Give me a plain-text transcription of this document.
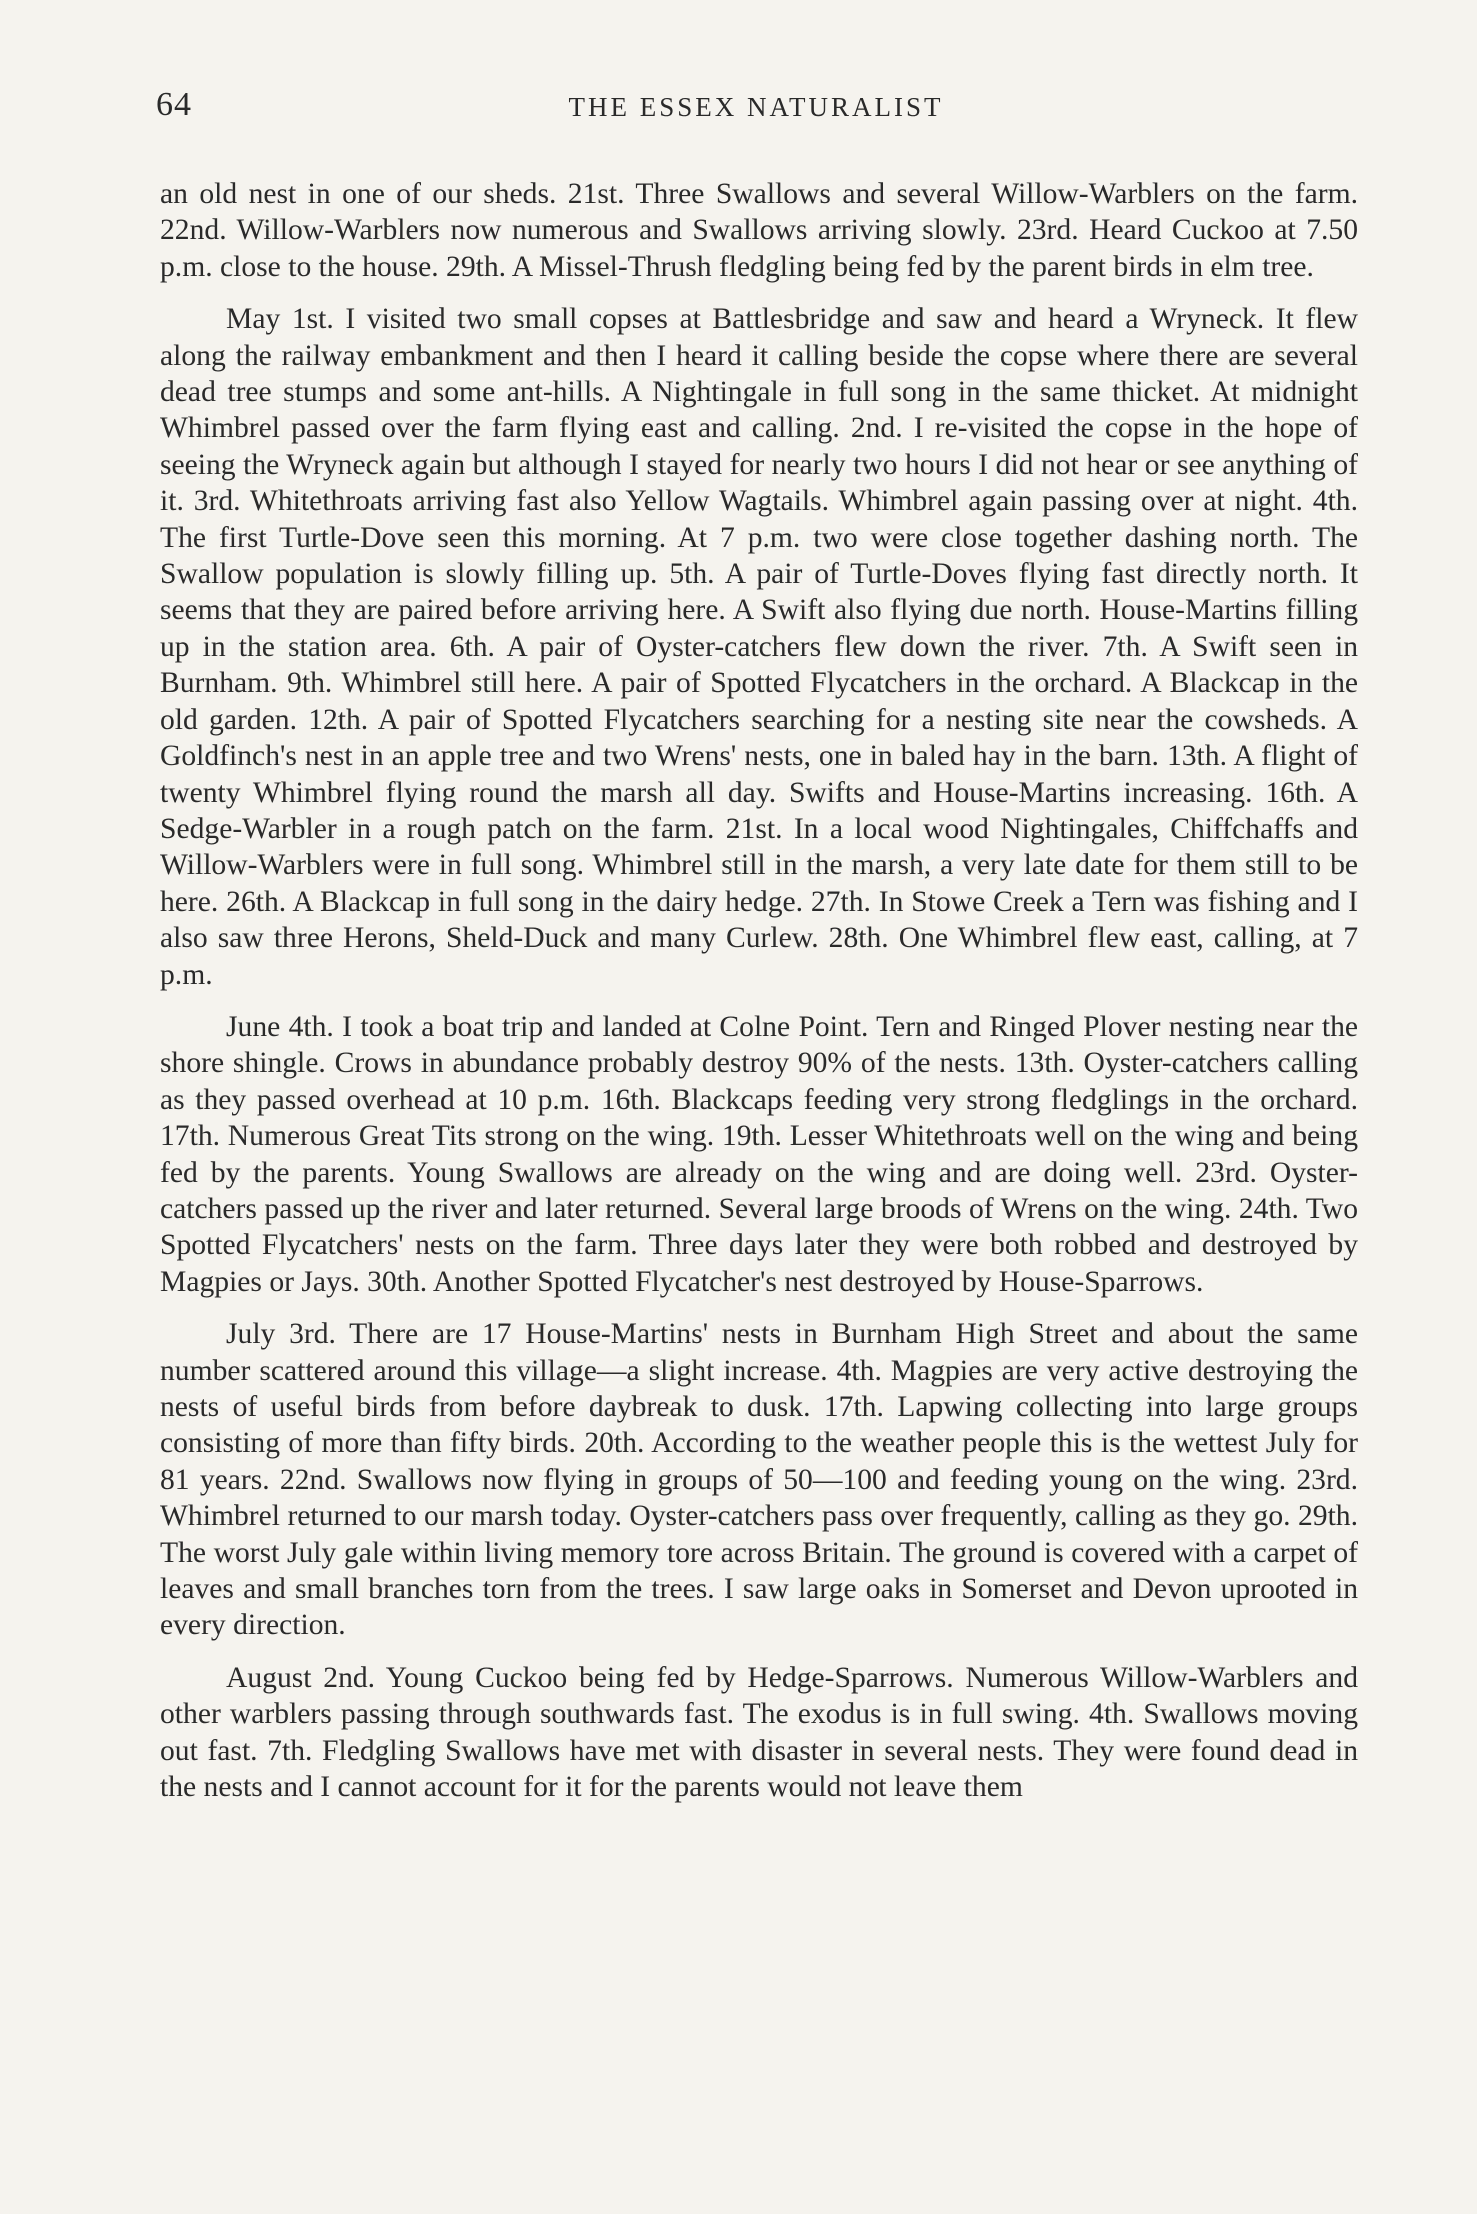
64	THE ESSEX NATURALIST

an old nest in one of our sheds. 21st. Three Swallows and several Willow-Warblers on the farm. 22nd. Willow-Warblers now numerous and Swallows arriving slowly. 23rd. Heard Cuckoo at 7.50 p.m. close to the house. 29th. A Missel-Thrush fledgling being fed by the parent birds in elm tree.

May 1st. I visited two small copses at Battlesbridge and saw and heard a Wryneck. It flew along the railway embankment and then I heard it calling beside the copse where there are several dead tree stumps and some ant-hills. A Nightingale in full song in the same thicket. At midnight Whimbrel passed over the farm flying east and calling. 2nd. I re-visited the copse in the hope of seeing the Wryneck again but although I stayed for nearly two hours I did not hear or see anything of it. 3rd. Whitethroats arriving fast also Yellow Wagtails. Whimbrel again passing over at night. 4th. The first Turtle-Dove seen this morning. At 7 p.m. two were close together dashing north. The Swallow population is slowly filling up. 5th. A pair of Turtle-Doves flying fast directly north. It seems that they are paired before arriving here. A Swift also flying due north. House-Martins filling up in the station area. 6th. A pair of Oyster-catchers flew down the river. 7th. A Swift seen in Burnham. 9th. Whimbrel still here. A pair of Spotted Flycatchers in the orchard. A Blackcap in the old garden. 12th. A pair of Spotted Flycatchers searching for a nesting site near the cowsheds. A Goldfinch's nest in an apple tree and two Wrens' nests, one in baled hay in the barn. 13th. A flight of twenty Whimbrel flying round the marsh all day. Swifts and House-Martins increasing. 16th. A Sedge-Warbler in a rough patch on the farm. 21st. In a local wood Nightingales, Chiffchaffs and Willow-Warblers were in full song. Whimbrel still in the marsh, a very late date for them still to be here. 26th. A Blackcap in full song in the dairy hedge. 27th. In Stowe Creek a Tern was fishing and I also saw three Herons, Sheld-Duck and many Curlew. 28th. One Whimbrel flew east, calling, at 7 p.m.

June 4th. I took a boat trip and landed at Colne Point. Tern and Ringed Plover nesting near the shore shingle. Crows in abundance probably destroy 90% of the nests. 13th. Oyster-catchers calling as they passed overhead at 10 p.m. 16th. Blackcaps feeding very strong fledglings in the orchard. 17th. Numerous Great Tits strong on the wing. 19th. Lesser Whitethroats well on the wing and being fed by the parents. Young Swallows are already on the wing and are doing well. 23rd. Oyster-catchers passed up the river and later returned. Several large broods of Wrens on the wing. 24th. Two Spotted Flycatchers' nests on the farm. Three days later they were both robbed and destroyed by Magpies or Jays. 30th. Another Spotted Flycatcher's nest destroyed by House-Sparrows.

July 3rd. There are 17 House-Martins' nests in Burnham High Street and about the same number scattered around this village—a slight increase. 4th. Magpies are very active destroying the nests of useful birds from before daybreak to dusk. 17th. Lapwing collecting into large groups consisting of more than fifty birds. 20th. According to the weather people this is the wettest July for 81 years. 22nd. Swallows now flying in groups of 50—100 and feeding young on the wing. 23rd. Whimbrel returned to our marsh today. Oyster-catchers pass over frequently, calling as they go. 29th. The worst July gale within living memory tore across Britain. The ground is covered with a carpet of leaves and small branches torn from the trees. I saw large oaks in Somerset and Devon uprooted in every direction.

August 2nd. Young Cuckoo being fed by Hedge-Sparrows. Numerous Willow-Warblers and other warblers passing through southwards fast. The exodus is in full swing. 4th. Swallows moving out fast. 7th. Fledgling Swallows have met with disaster in several nests. They were found dead in the nests and I cannot account for it for the parents would not leave them
